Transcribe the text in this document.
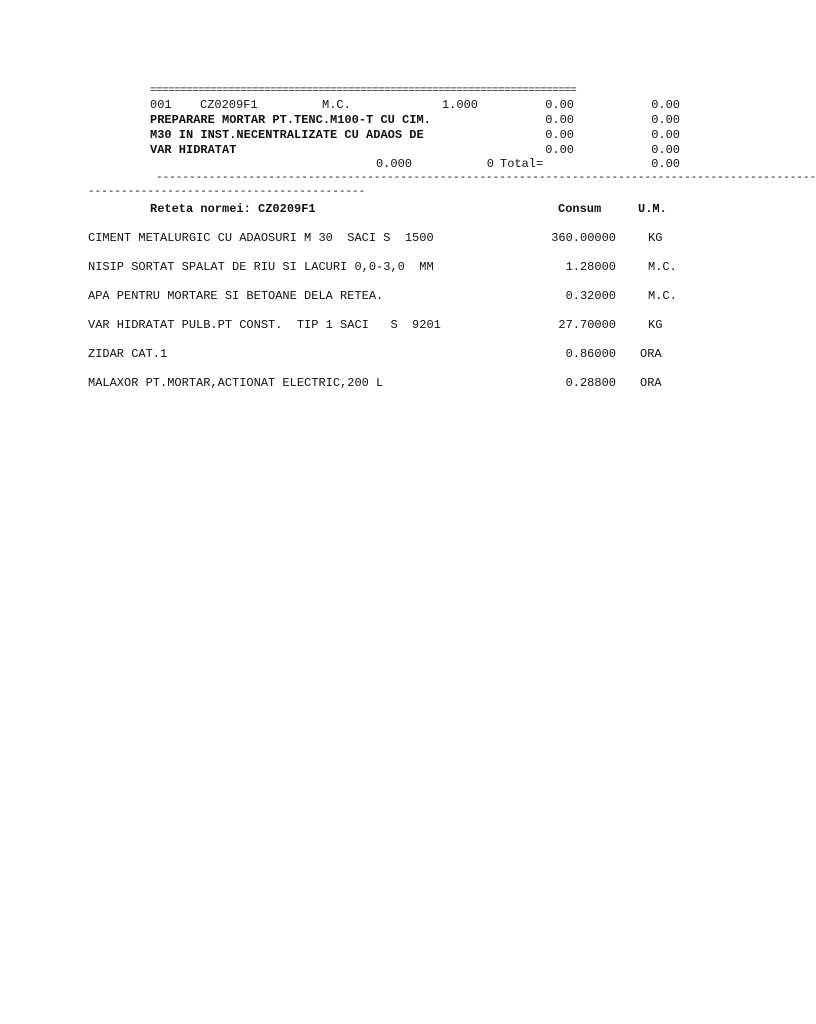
=======================================================================
001 CZ0209F1	M.C.	1.000	0.00	0.00
PREPARARE MORTAR PT.TENC.M100-T CU CIM.	0.00	0.00
M30 IN INST.NECENTRALIZATE CU ADAOS DE	0.00	0.00
VAR HIDRATAT	0.00	0.00
0.000	0 Total=	0.00
----------------------------------------------------------------------------------------------------
------------------------------------------
Reteta normei: CZ0209F1	Consum	U.M.
CIMENT METALURGIC CU ADAOSURI M 30  SACI S  1500	360.00000	KG
NISIP SORTAT SPALAT DE RIU SI LACURI 0,0-3,0  MM	1.28000	M.C.
APA PENTRU MORTARE SI BETOANE DELA RETEA.	0.32000	M.C.
VAR HIDRATAT PULB.PT CONST.  TIP 1 SACI   S  9201	27.70000	KG
ZIDAR CAT.1	0.86000 ORA
MALAXOR PT.MORTAR,ACTIONAT ELECTRIC,200 L	0.28800 ORA
